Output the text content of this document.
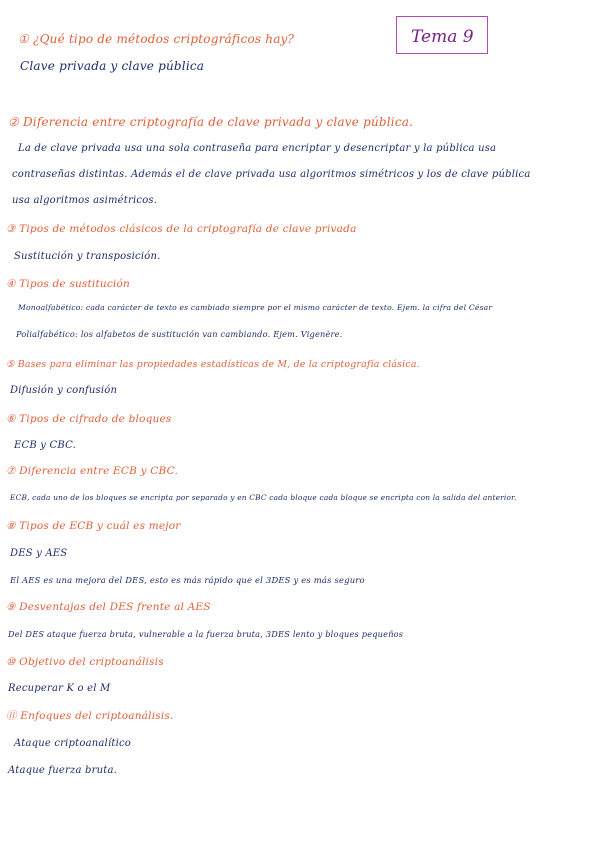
Tema 9
① ¿Qué tipo de métodos criptográficos hay?
Clave privada y clave pública
② Diferencia entre criptografía de clave privada y clave pública.
La de clave privada usa una sola contraseña para encriptar y desencriptar y la pública usa
contraseñas distintas. Además el de clave privada usa algoritmos simétricos y los de clave pública
usa algoritmos asimétricos.
③ Tipos de métodos clásicos de la criptografía de clave privada
Sustitución y transposición.
④ Tipos de sustitución
Monoalfabético: cada carácter de texto es cambiado siempre por el mismo carácter de texto. Ejem. la cifra del César
Polialfabético: los alfabetos de sustitución van cambiando. Ejem. Vigenère.
⑤ Bases para eliminar las propiedades estadísticas de M, de la criptografía clásica.
Difusión y confusión
⑥ Tipos de cifrado de bloques
ECB y CBC.
⑦ Diferencia entre ECB y CBC.
ECB, cada uno de los bloques se encripta por separado y en CBC cada bloque cada bloque se encripta con la salida del anterior.
⑧ Tipos de ECB y cuál es mejor
DES y AES
El AES es una mejora del DES, esto es más rápido que el 3DES y es más seguro
⑨ Desventajas del DES frente al AES
Del DES ataque fuerza bruta, vulnerable a la fuerza bruta, 3DES lento y bloques pequeños
⑩ Objetivo del criptoanálisis
Recuperar K o el M
⑪ Enfoques del criptoanálisis.
Ataque criptoanalítico
Ataque fuerza bruta.
